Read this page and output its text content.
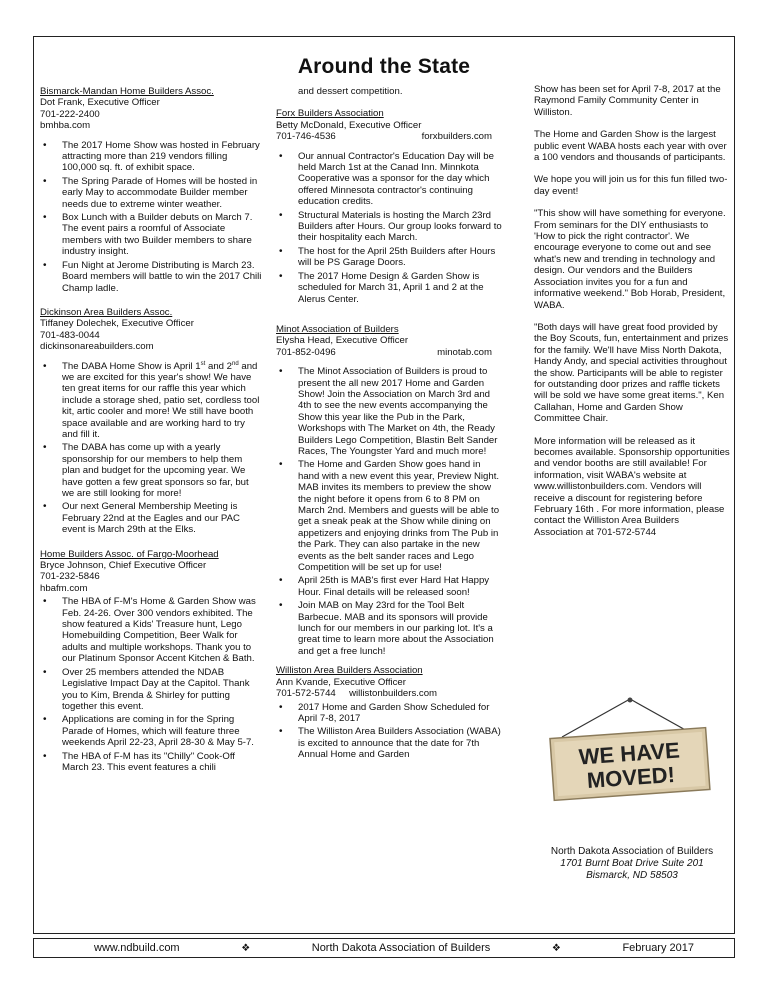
Around the State
Bismarck-Mandan Home Builders Assoc.
Dot Frank, Executive Officer
701-222-2400
bmhba.com
• The 2017 Home Show was hosted in February attracting more than 219 vendors filling 100,000 sq. ft. of exhibit space.
• The Spring Parade of Homes will be hosted in early May to accommodate Builder member needs due to extreme winter weather.
• Box Lunch with a Builder debuts on March 7. The event pairs a roomful of Associate members with two Builder members to share industry insight.
• Fun Night at Jerome Distributing is March 23. Board members will battle to win the 2017 Chili Champ ladle.
Dickinson Area Builders Assoc.
Tiffaney Dolechek, Executive Officer
701-483-0044
dickinsonareabuilders.com
• The DABA Home Show is April 1st and 2nd and we are excited for this year's show! We have ten great items for our raffle this year which include a storage shed, patio set, cordless tool kit, artic cooler and more! We still have booth space available and are working hard to try and fill it.
• The DABA has come up with a yearly sponsorship for our members to help them plan and budget for the upcoming year. We have gotten a few great sponsors so far, but we are still looking for more!
• Our next General Membership Meeting is February 22nd at the Eagles and our PAC event is March 29th at the Elks.
Home Builders Assoc. of Fargo-Moorhead
Bryce Johnson, Chief Executive Officer
701-232-5846
hbafm.com
• The HBA of F-M's Home & Garden Show was Feb. 24-26. Over 300 vendors exhibited. The show featured a Kids' Treasure hunt, Lego Homebuilding Competition, Beer Walk for adults and multiple workshops. Thank you to our Platinum Sponsor Accent Kitchen & Bath.
• Over 25 members attended the NDAB Legislative Impact Day at the Capitol. Thank you to Kim, Brenda & Shirley for putting together this event.
• Applications are coming in for the Spring Parade of Homes, which will feature three weekends April 22-23, April 28-30 & May 5-7.
• The HBA of F-M has its "Chilly" Cook-Off March 23. This event features a chili
and dessert competition.
Forx Builders Association
Betty McDonald, Executive Officer
701-746-4536	forxbuilders.com
• Our annual Contractor's Education Day will be held March 1st at the Canad Inn. Minnkota Cooperative was a sponsor for the day which offered Minnesota contractor's continuing education credits.
• Structural Materials is hosting the March 23rd Builders after Hours. Our group looks forward to their hospitality each March.
• The host for the April 25th Builders after Hours will be PS Garage Doors.
• The 2017 Home Design & Garden Show is scheduled for March 31, April 1 and 2 at the Alerus Center.
Minot Association of Builders
Elysha Head, Executive Officer
701-852-0496	minotab.com
• The Minot Association of Builders is proud to present the all new 2017 Home and Garden Show! Join the Association on March 3rd and 4th to see the new events accompanying the Show this year like the Pub in the Park, Workshops with The Market on 4th, the Ready Builders Lego Competition, Blastin Belt Sander Races, The Youngster Yard and much more!
• The Home and Garden Show goes hand in hand with a new event this year, Preview Night. MAB invites its members to preview the show the night before it opens from 6 to 8 PM on March 2nd. Members and guests will be able to get a sneak peak at the Show while dining on appetizers and enjoying drinks from The Pub in the Park. They can also partake in the new events as the belt sander races and Lego Competition will be set up for use!
• April 25th is MAB's first ever Hard Hat Happy Hour. Final details will be released soon!
• Join MAB on May 23rd for the Tool Belt Barbecue. MAB and its sponsors will provide lunch for our members in our parking lot. It's a great time to learn more about the Association and get a free lunch!
Williston Area Builders Association
Ann Kvande, Executive Officer
701-572-5744 willistonbuilders.com
• 2017 Home and Garden Show Scheduled for April 7-8, 2017
• The Williston Area Builders Association (WABA) is excited to announce that the date for 7th Annual Home and Garden

Show has been set for April 7-8, 2017 at the Raymond Family Community Center in Williston.

The Home and Garden Show is the largest public event WABA hosts each year with over a 100 vendors and thousands of participants.

We hope you will join us for this fun filled two-day event!

"This show will have something for everyone. From seminars for the DIY enthusiasts to 'How to pick the right contractor'. We encourage everyone to come out and see what's new and trending in technology and design. Our vendors and the Builders Association invites you for a fun and informative weekend." Bob Horab, President, WABA.

"Both days will have great food provided by the Boy Scouts, fun, entertainment and prizes for the family. We'll have Miss North Dakota, Handy Andy, and special activities throughout the show. Participants will be able to register for outstanding door prizes and raffle tickets will be sold we have some great items.", Ken Callahan, Home and Garden Show Committee Chair.

More information will be released as it becomes available. Sponsorship opportunities and vendor booths are still available! For information, visit WABA's website at www.willistonbuilders.com. Vendors will receive a discount for registering before February 16th . For more information, please contact the Williston Area Builders Association at 701-572-5744

WE HAVE
MOVED!
North Dakota Association of Builders
1701 Burnt Boat Drive Suite 201
Bismarck, ND 58503
www.ndbuild.com	❖	North Dakota Association of Builders	❖	February 2017
